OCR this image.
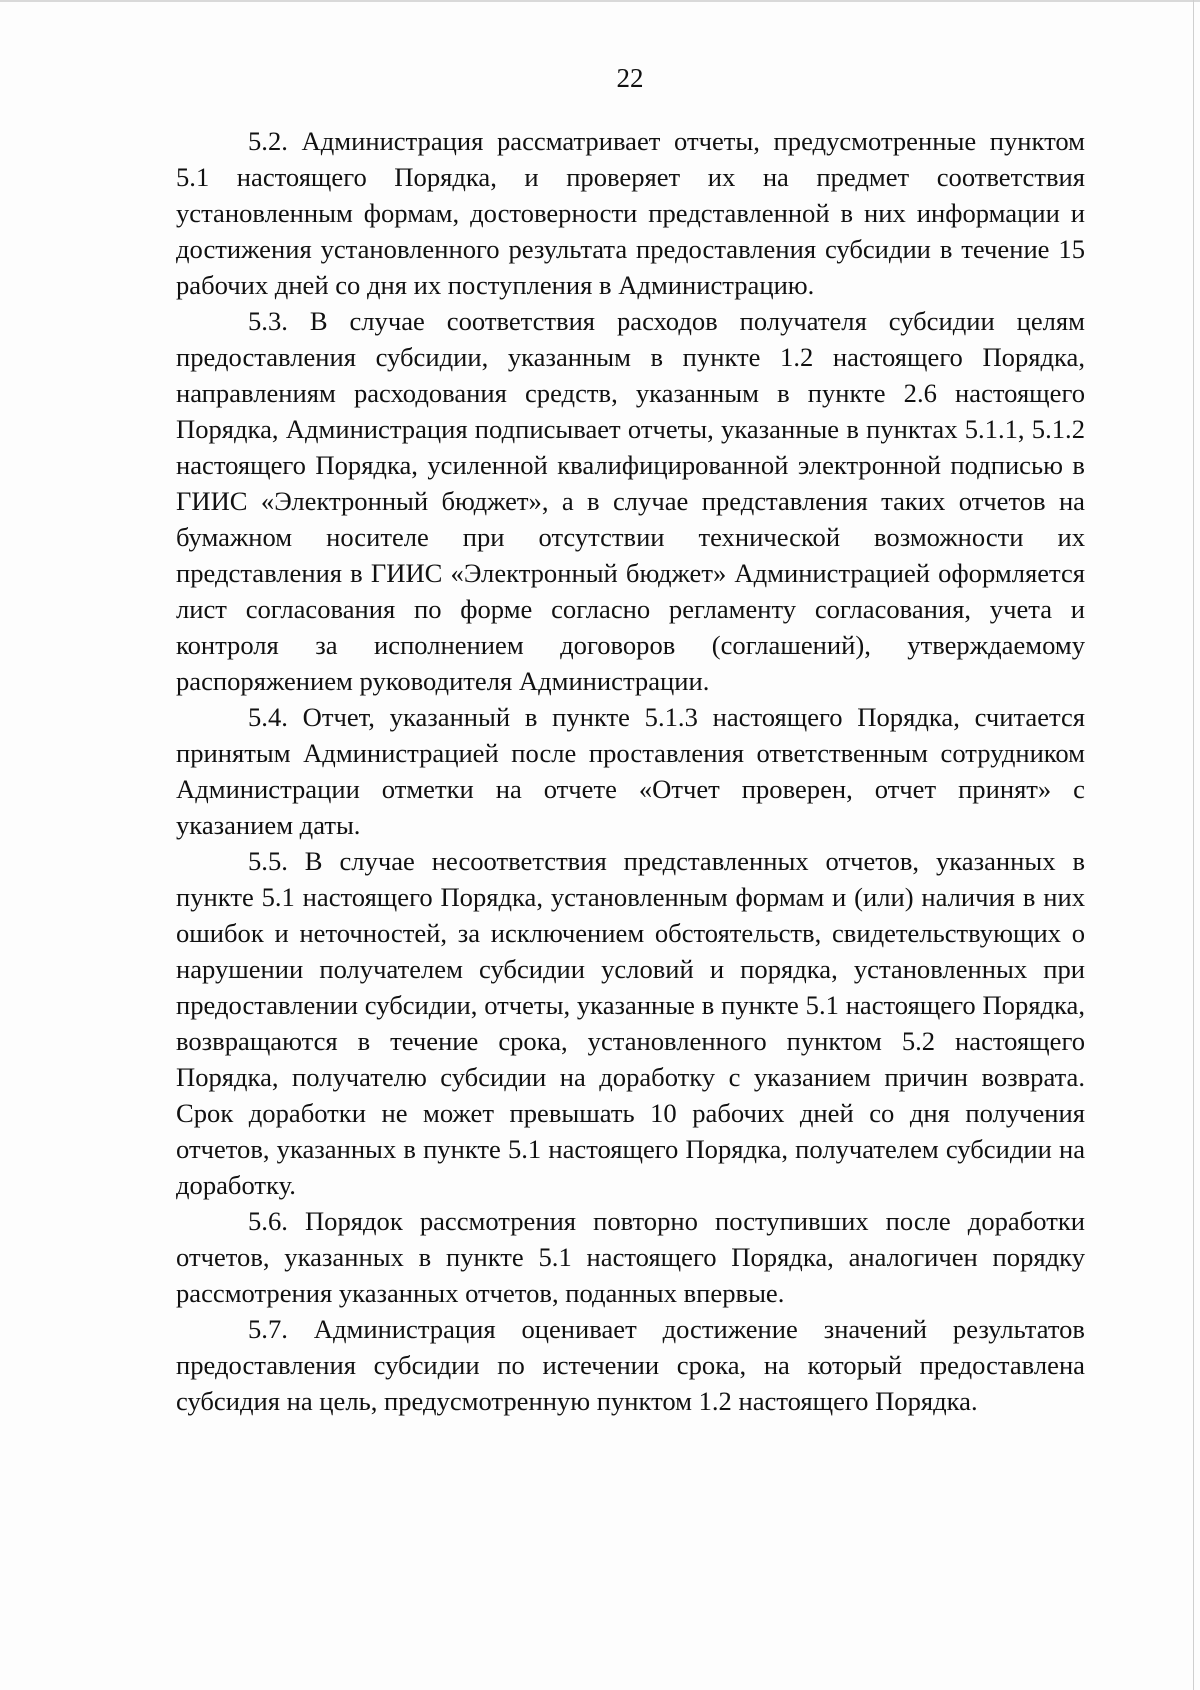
22

5.2. Администрация рассматривает отчеты, предусмотренные пунктом 5.1 настоящего Порядка, и проверяет их на предмет соответствия установленным формам, достоверности представленной в них информации и достижения установленного результата предоставления субсидии в течение 15 рабочих дней со дня их поступления в Администрацию.

5.3. В случае соответствия расходов получателя субсидии целям предоставления субсидии, указанным в пункте 1.2 настоящего Порядка, направлениям расходования средств, указанным в пункте 2.6 настоящего Порядка, Администрация подписывает отчеты, указанные в пунктах 5.1.1, 5.1.2 настоящего Порядка, усиленной квалифицированной электронной подписью в ГИИС «Электронный бюджет», а в случае представления таких отчетов на бумажном носителе при отсутствии технической возможности их представления в ГИИС «Электронный бюджет» Администрацией оформляется лист согласования по форме согласно регламенту согласования, учета и контроля за исполнением договоров (соглашений), утверждаемому распоряжением руководителя Администрации.

5.4. Отчет, указанный в пункте 5.1.3 настоящего Порядка, считается принятым Администрацией после проставления ответственным сотрудником Администрации отметки на отчете «Отчет проверен, отчет принят» с указанием даты.

5.5. В случае несоответствия представленных отчетов, указанных в пункте 5.1 настоящего Порядка, установленным формам и (или) наличия в них ошибок и неточностей, за исключением обстоятельств, свидетельствующих о нарушении получателем субсидии условий и порядка, установленных при предоставлении субсидии, отчеты, указанные в пункте 5.1 настоящего Порядка, возвращаются в течение срока, установленного пунктом 5.2 настоящего Порядка, получателю субсидии на доработку с указанием причин возврата. Срок доработки не может превышать 10 рабочих дней со дня получения отчетов, указанных в пункте 5.1 настоящего Порядка, получателем субсидии на доработку.

5.6. Порядок рассмотрения повторно поступивших после доработки отчетов, указанных в пункте 5.1 настоящего Порядка, аналогичен порядку рассмотрения указанных отчетов, поданных впервые.

5.7. Администрация оценивает достижение значений результатов предоставления субсидии по истечении срока, на который предоставлена субсидия на цель, предусмотренную пунктом 1.2 настоящего Порядка.
